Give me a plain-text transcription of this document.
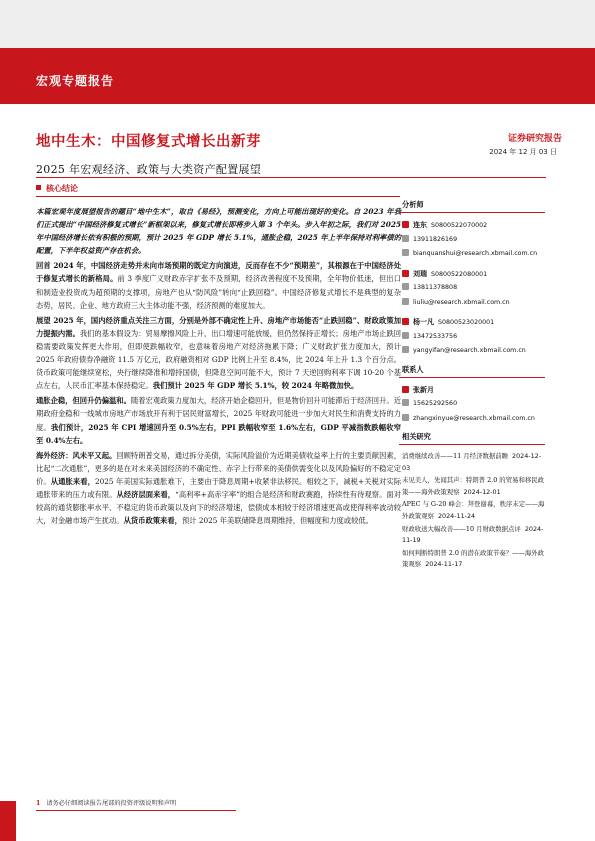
宏观专题报告
地中生木：中国修复式增长出新芽
2025 年宏观经济、政策与大类资产配置展望
证券研究报告
2024 年 12 月 03 日
核心结论

本篇宏观年度展望报告的题目“地中生木”，取自《易经》，预测变化，方向上可能出现好的变化。自 2023 年我们正式提出“中国经济修复式增长”新框架以来，修复式增长即将步入第 3 个年头。步入年初之际，我们对 2025 年中国经济增长依有积极的预期，预计 2025 年 GDP 增长 5.1%，通胀企稳，2025 年上半年保持对利率债的配置，下半年权益资产存在机会。

回首 2024 年，中国经济走势并未向市场预期的既定方向演进，反而存在不少“预期差”，其根源在于中国经济处于修复式增长的新格局。前 3 季度广义财政赤字扩张不及预期，经济改善程度不及预期，全年物价低迷，但出口和制造业投资成为超预期的支撑项，房地产也从“防风险”转向“止跌回稳”。中国经济修复式增长不是典型的复杂态势，居民、企业、地方政府三大主体动能不强，经济预测的难度加大。

展望 2025 年，国内经济重点关注三方面，分别是外部不确定性上升、房地产市场能否“止跌回稳”、财政政策加力提振内需。我们的基本假设为：贸易摩擦风险上升，出口增速可能放缓，但仍然保持正增长；房地产市场止跌回稳需要政策发挥更大作用，但即使跌幅收窄，也意味着房地产对经济拖累下降；广义财政扩张力度加大，预计 2025 年政府债券净融资 11.5 万亿元，政府融资相对 GDP 比例上升至 8.4%，比 2024 年上升 1.3 个百分点。货币政策可能继续宽松，央行继续降准和增持国债，但降息空间可能不大，预计 7 天逆回购利率下调 10-20 个基点左右，人民币汇率基本保持稳定。我们预计 2025 年 GDP 增长 5.1%，较 2024 年略微加快。

通胀企稳，但回升仍偏温和。随着宏观政策力度加大，经济开始企稳回升，但是物价回升可能滞后于经济回升。近期政府金稳和一线城市房地产市场放开有利于居民财富增长，2025 年财政可能进一步加大对民生和消费支持的力度。我们预计，2025 年 CPI 增速回升至 0.5%左右，PPI 跌幅收窄至 1.6%左右，GDP 平减指数跌幅收窄至 0.4%左右。

海外经济：风未平又起。回顾特朗普交易，通过拆分美债，实际风险溢价为近期美债收益率上行的主要贡献因素，比起“二次通胀”，更多的是在对未来美国经济的不确定性、赤字上行带来的美债供需变化以及风险偏好的不稳定定价。从通胀来看，2025 年美国实际通胀难下，主要由于降息周期+收紧非法移民。相较之下，减税+关税对实际通胀带来的压力或有限。从经济层面来看，“高利率+高赤字率”的组合是经济和财政赛跑，持续性有待观察。面对较高的通货膨胀率水平、不稳定的货币政策以及向下的经济增速，偿债成本相较于经济增速更高或使得利率波动较大，对金融市场产生扰动。从货币政策来看，预计 2025 年美联储降息周期维持，但幅度和力度或较低。

分析师
连东 S0800522070002
13911826169
bianquanshui@research.xbmail.com.cn
刘瑞 S0800522080001
13811378808
liuliu@research.xbmail.com.cn
杨一凡 S0800523020001
13472533756
yangyifan@research.xbmail.com.cn
联系人
张新月
15625292560
zhangxinyue@research.xbmail.com.cn
相关研究
消费继续改善——11 月经济数据前瞻 2024-12-03
未见美人，先闻其声：特朗普 2.0 的贸易和移民政策——海外政策观察 2024-12-01
APEC 与 G-20 峰会：拜登谢幕，秩序未定——海外政策观察 2024-11-24
财政收送大幅改善——10 月财政数据点评 2024-11-19
如何判断特朗普 2.0 的潜在政策节奏？——海外政策观察 2024-11-17
1 请务必仔细阅读报告尾部的投资评级说明和声明
